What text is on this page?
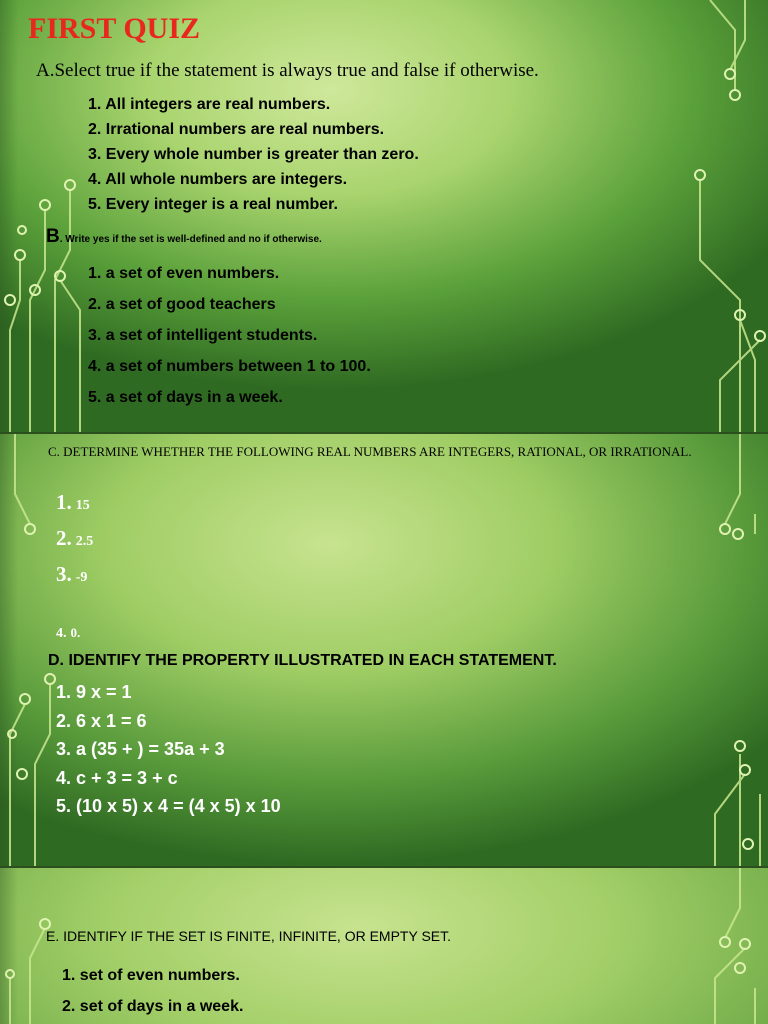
FIRST QUIZ
A.Select true if the statement is always true and false if otherwise.
1. All integers are real numbers.
2. Irrational numbers are real numbers.
3. Every whole number is greater than zero.
4. All whole numbers are integers.
5. Every integer is a real number.
B. Write yes if the set is well-defined and no if otherwise.
1. a set of even numbers.
2. a set of good teachers
3. a set of intelligent students.
4. a set of numbers between 1 to 100.
5. a set of days in a week.
C. DETERMINE WHETHER THE FOLLOWING REAL NUMBERS ARE INTEGERS, RATIONAL, OR IRRATIONAL.
1. 15
2. 2.5
3. -9
4. 0.
D. IDENTIFY THE PROPERTY ILLUSTRATED IN EACH STATEMENT.
1. 9 x = 1
2. 6 x 1 = 6
3. a (35 + ) = 35a + 3
4. c + 3 = 3 + c
5. (10 x 5) x 4 = (4 x 5) x 10
E. IDENTIFY IF THE SET IS FINITE, INFINITE, OR EMPTY SET.
1. set of even numbers.
2. set of days in a week.
